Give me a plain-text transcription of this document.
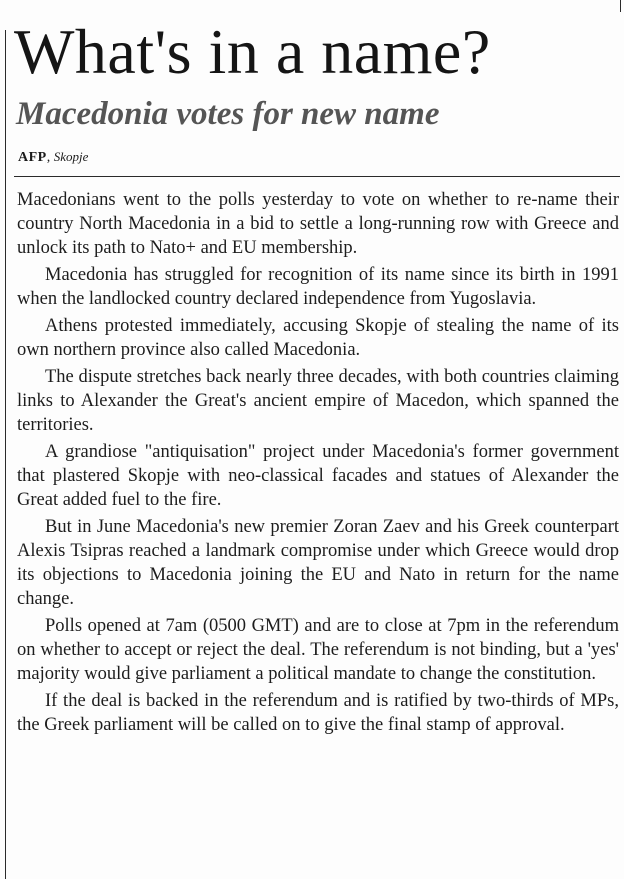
What's in a name?
Macedonia votes for new name
AFP, Skopje

Macedonians went to the polls yesterday to vote on whether to re-name their country North Macedonia in a bid to settle a long-running row with Greece and unlock its path to Nato+ and EU membership.

Macedonia has struggled for recognition of its name since its birth in 1991 when the landlocked country declared independence from Yugoslavia.

Athens protested immediately, accusing Skopje of stealing the name of its own northern province also called Macedonia.

The dispute stretches back nearly three decades, with both countries claiming links to Alexander the Great's ancient empire of Macedon, which spanned the territories.

A grandiose "antiquisation" project under Macedonia's former government that plastered Skopje with neo-classical facades and statues of Alexander the Great added fuel to the fire.

But in June Macedonia's new premier Zoran Zaev and his Greek counterpart Alexis Tsipras reached a landmark compromise under which Greece would drop its objections to Macedonia joining the EU and Nato in return for the name change.

Polls opened at 7am (0500 GMT) and are to close at 7pm in the referendum on whether to accept or reject the deal. The referendum is not binding, but a 'yes' majority would give parliament a political mandate to change the constitution.

If the deal is backed in the referendum and is ratified by two-thirds of MPs, the Greek parliament will be called on to give the final stamp of approval.
